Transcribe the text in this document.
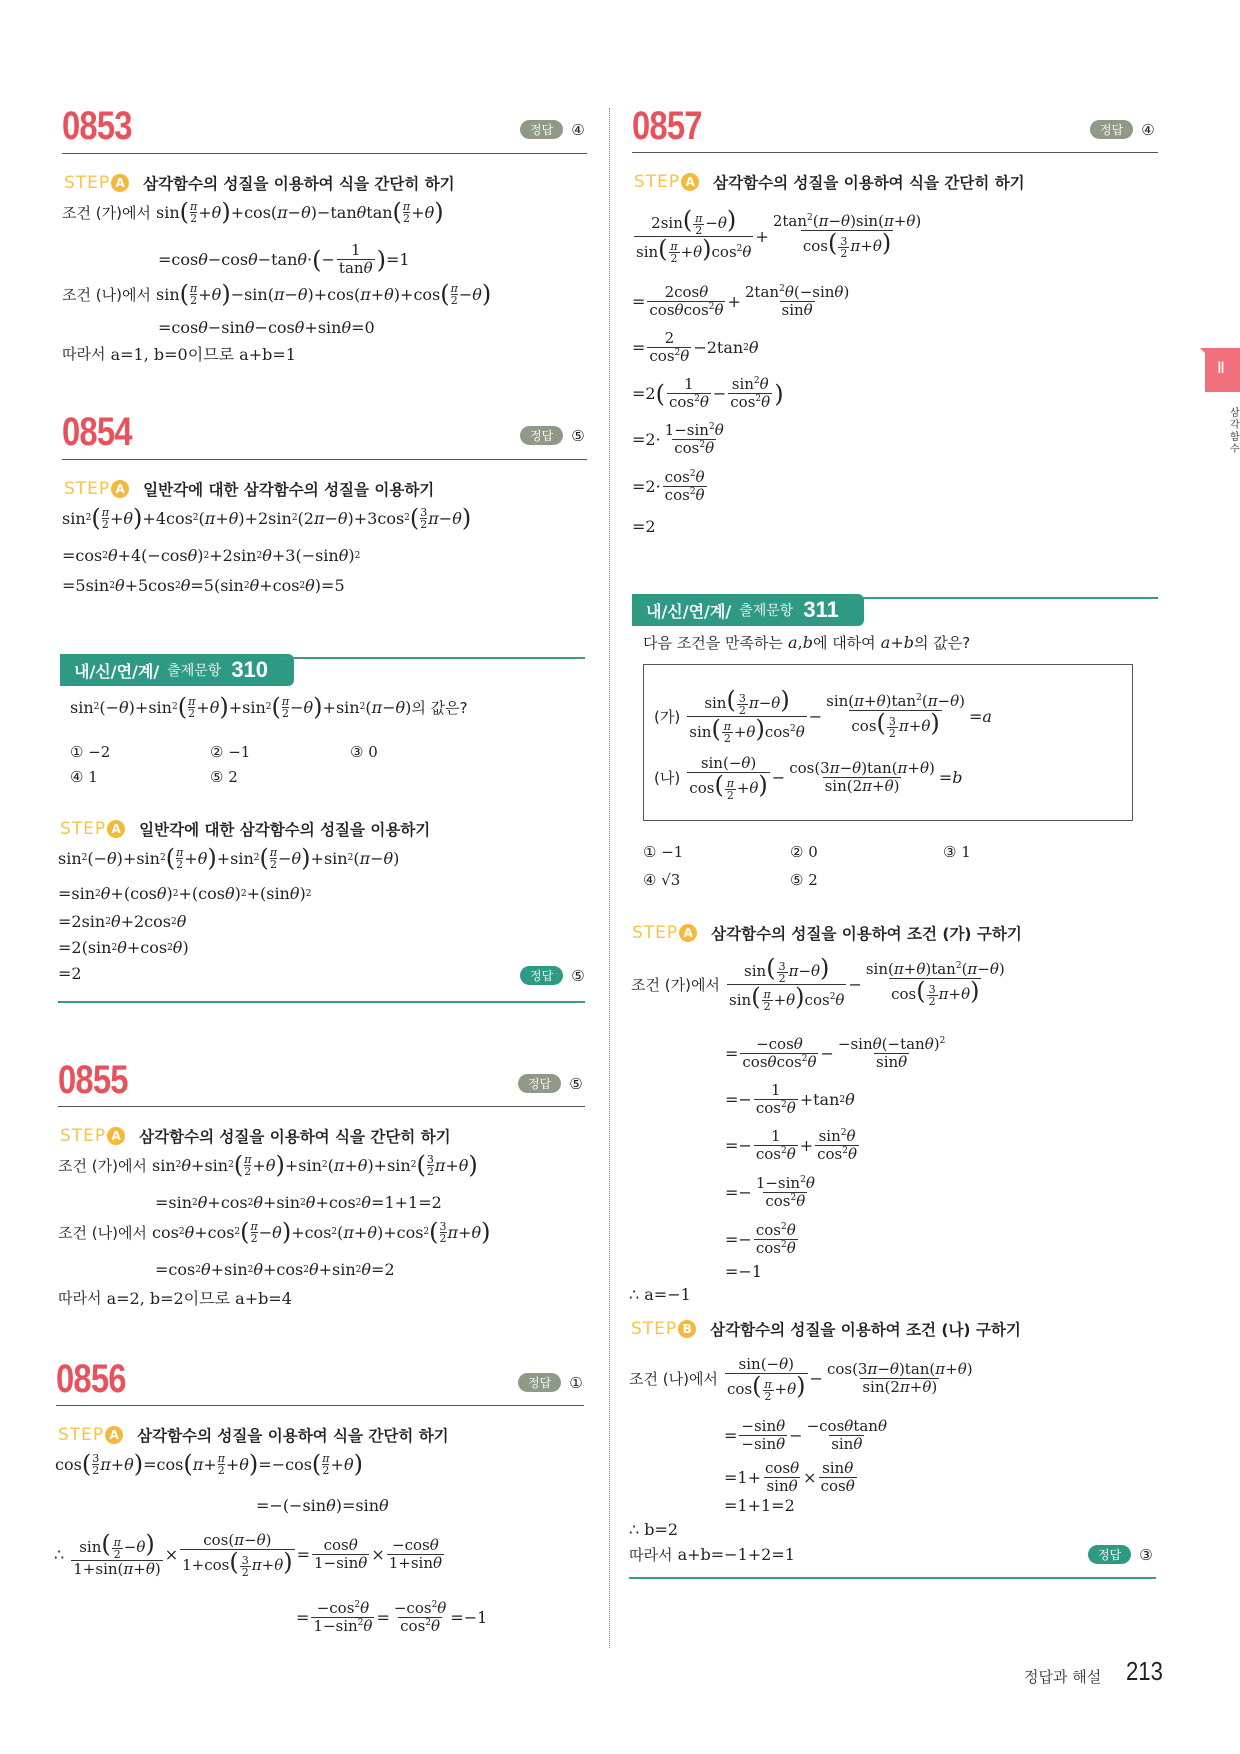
0853	정답	④
STEP A 삼각함수의 성질을 이용하여 식을 간단히 하기
조건 (가)에서 sin ( π
2 + θ ) +cos( π − θ )−tan θ tan ( π
2 + θ )
=cos θ −cos θ −tan θ · ( −
1
tanθ ) =1
조건 (나)에서 sin ( π
2 + θ ) −sin( π − θ )+cos( π + θ )+cos ( π
2 − θ )
=cos θ −sin θ −cos θ +sin θ =0
따라서
a=1, b=0이므로 a+b=1
0854	정답	⑤
STEP A 일반각에 대한 삼각함수의 성질을 이용하기
sin 2 ( π
2 + θ ) +4cos 2 ( π + θ )+2sin 2 (2 π − θ )+3cos 2 ( 3
2 π − θ )
=cos 2 θ +4(−cos θ ) 2 +2sin 2 θ +3(−sin θ ) 2
=5sin 2 θ +5cos 2 θ =5(sin 2 θ +cos 2 θ )=5
내/신/연/계/ 출제문항 310
sin 2 (− θ )+sin 2 ( π
2 + θ ) +sin 2 ( π
2 − θ ) +sin 2 ( π − θ ) 의 값은?
① −2	② −1	③ 0
④ 1	⑤ 2
STEP A 일반각에 대한 삼각함수의 성질을 이용하기
sin 2 (− θ )+sin 2 ( π
2 + θ ) +sin 2 ( π
2 − θ ) +sin 2 ( π − θ )
=sin 2 θ +(cos θ ) 2 +(cos θ ) 2 +(sin θ ) 2
=2sin 2 θ +2cos 2 θ
=2(sin 2 θ +cos 2 θ )
=2	정답	⑤
0855	정답	⑤
STEP A 삼각함수의 성질을 이용하여 식을 간단히 하기
조건 (가)에서 sin 2 θ +sin 2 ( π
2 + θ ) +sin 2 ( π + θ )+sin 2 ( 3
2 π + θ )
=sin 2 θ +cos 2 θ +sin 2 θ +cos 2 θ =1+1=2
조건 (나)에서 cos 2 θ +cos 2 ( π
2 − θ ) +cos 2 ( π + θ )+cos 2 ( 3
2 π + θ )
=cos 2 θ +sin 2 θ +cos 2 θ +sin 2 θ =2
따라서
a=2, b=2이므로 a+b=4
0856	정답	①
STEP A 삼각함수의 성질을 이용하여 식을 간단히 하기
cos ( 3
2 π + θ ) =cos ( π + π
2 + θ ) =−cos ( π
2 + θ )
=−(−sin θ )=sin θ
∴ $\sin( \frac{\pi}{2} -\theta)$
1+sin(π+θ)
×
cos(π−θ)
$1+\cos( \frac{3}{2} \pi+\theta)$ =
cosθ
1−sinθ ×
−cosθ
1+sinθ
=
$-\cos^2\theta$
$1-\sin^2\theta$ =
$-\cos^2\theta$
$\cos^2\theta =-1$
0857	정답	④
STEP A 삼각함수의 성질을 이용하여 식을 간단히 하기
$2\sin( \frac{\pi}{2} -\theta)$
$\sin( \frac{\pi}{2} +\theta)\cos^2\theta$
+
$2\tan^2(\pi-\theta)\sin(\pi+\theta)$
$\cos( \frac{3}{2} \pi+\theta)$
=
2cosθ
cosθcos$^2$θ +
$2\tan^2\theta(-\sin\theta)$
sinθ
=
2
$\cos^2\theta -2\tan$ 2 θ
=2 ( 1
$\cos^2\theta$ −
$\sin^2\theta$
$\cos^2\theta$ )
=2·
$1-\sin^2\theta$
$\cos^2\theta$
=2·
$\cos^2\theta$
$\cos^2\theta$
=2
내/신/연/계/ 출제문항 311
다음 조건을 만족하는
a , b 에 대하여
a + b 의 값은?
(가)

$\sin( \frac{3}{2} \pi-\theta)$
$\sin( \frac{\pi}{2} +\theta)\cos^2\theta$
−
$\sin(\pi+\theta)\tan^2(\pi-\theta)$
$\cos( \frac{3}{2} \pi+\theta) = a$
(나)

sin(−θ)
$\cos( \frac{\pi}{2} +\theta)$ −
cos(3π−θ)tan(π+θ)
sin(2π+θ) = b
① −1	② 0	③ 1
④ √3	⑤ 2
STEP A 삼각함수의 성질을 이용하여 조건 (가) 구하기
조건 (가)에서

$\sin( \frac{3}{2} \pi-\theta)$
$\sin( \frac{\pi}{2} +\theta)\cos^2\theta$
−
$\sin(\pi+\theta)\tan^2(\pi-\theta)$
$\cos( \frac{3}{2} \pi+\theta)$
=
−cosθ
cosθcos$^2$θ −
$-\sin\theta(-\tan\theta)^2$
sinθ
=−
1
$\cos^2\theta +\tan$ 2 θ
=−
1
$\cos^2\theta$ +
$\sin^2\theta$
$\cos^2\theta$
=−
$1-\sin^2\theta$
$\cos^2\theta$
=−
$\cos^2\theta$
$\cos^2\theta$
=−1
∴ a=−1
STEP B 삼각함수의 성질을 이용하여 조건 (나) 구하기
조건 (나)에서

sin(−θ)
$\cos( \frac{\pi}{2} +\theta)$ −
cos(3π−θ)tan(π+θ)
sin(2π+θ)
=
−sinθ
−sinθ −
−cosθtanθ
sinθ
=1+
cosθ
sinθ ×
sinθ
cosθ
=1+1=2
∴ b=2
따라서
a+b=−1+2=1	정답	③
Ⅱ
삼각함수
정답과 해설 213
